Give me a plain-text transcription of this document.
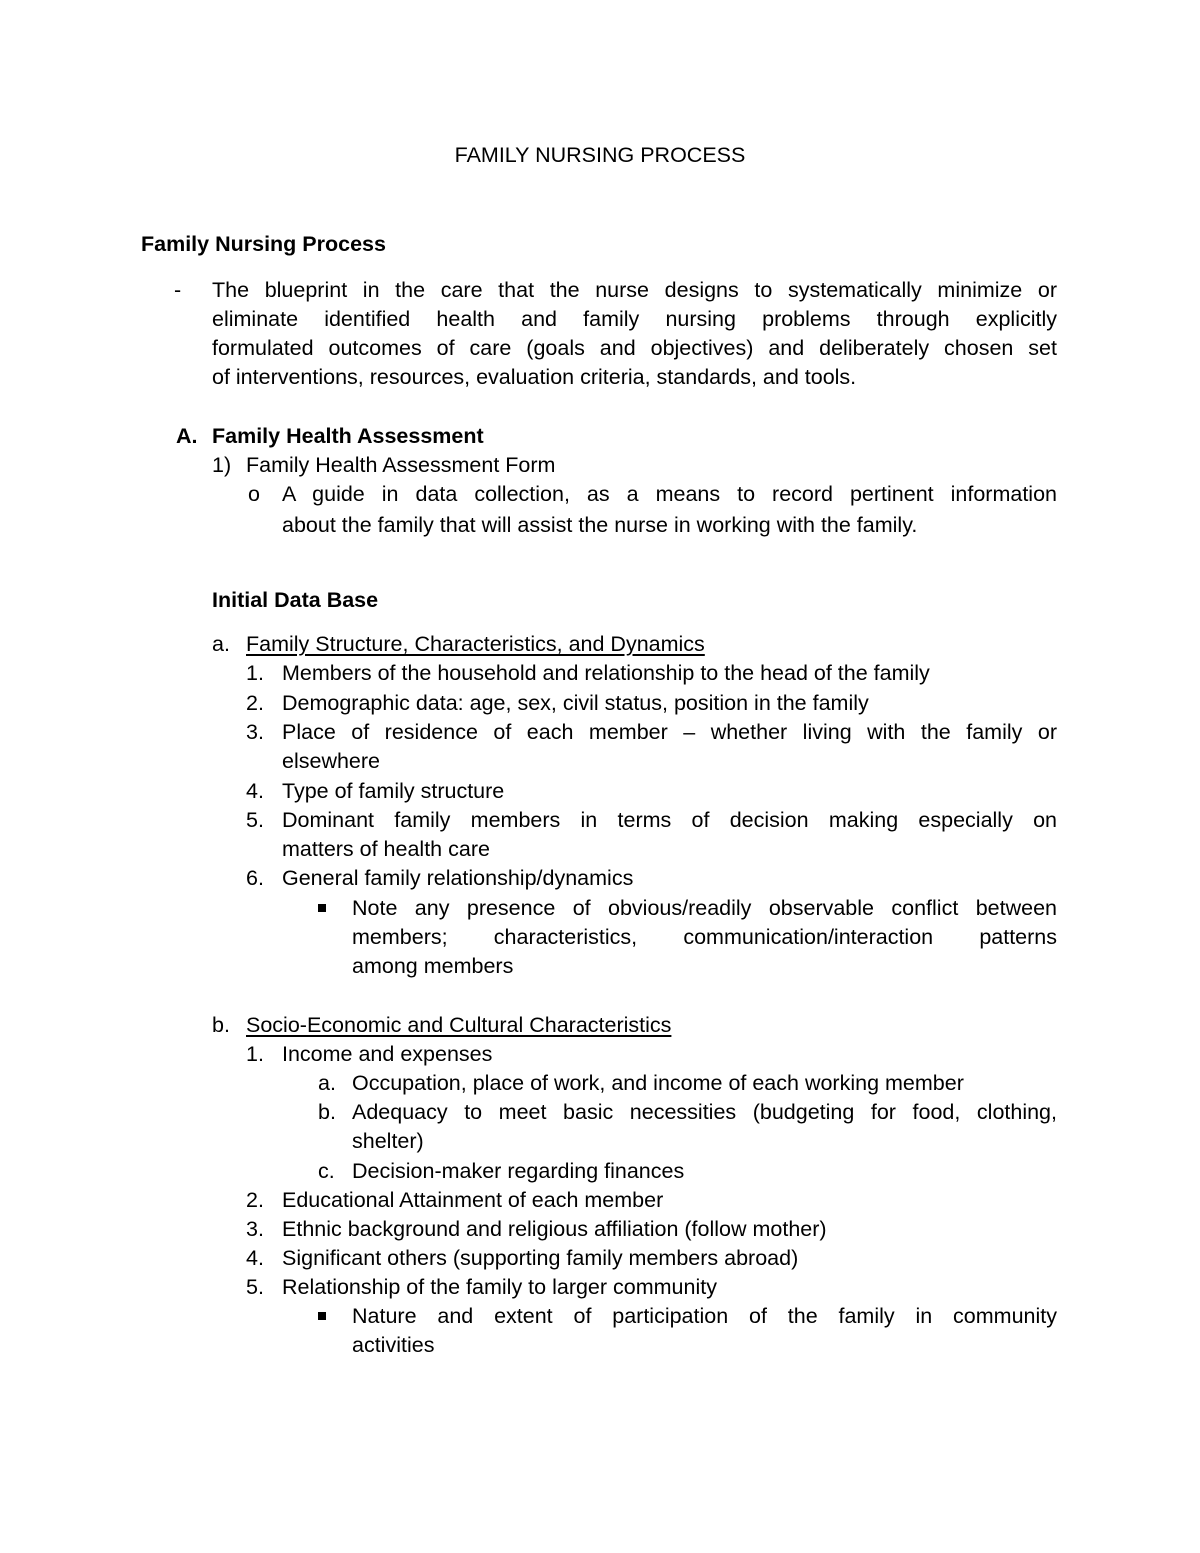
FAMILY NURSING PROCESS
Family Nursing Process
- The blueprint in the care that the nurse designs to systematically minimize or
eliminate identified health and family nursing problems through explicitly
formulated outcomes of care (goals and objectives) and deliberately chosen set
of interventions, resources, evaluation criteria, standards, and tools.
A. Family Health Assessment
1) Family Health Assessment Form
o A guide in data collection, as a means to record pertinent information
about the family that will assist the nurse in working with the family.
Initial Data Base
a. Family Structure, Characteristics, and Dynamics
1. Members of the household and relationship to the head of the family
2. Demographic data: age, sex, civil status, position in the family
3. Place of residence of each member – whether living with the family or
elsewhere
4. Type of family structure
5. Dominant family members in terms of decision making especially on
matters of health care
6. General family relationship/dynamics
Note any presence of obvious/readily observable conflict between
members; characteristics, communication/interaction patterns
among members
b. Socio-Economic and Cultural Characteristics
1. Income and expenses
a. Occupation, place of work, and income of each working member
b. Adequacy to meet basic necessities (budgeting for food, clothing,
shelter)
c. Decision-maker regarding finances
2. Educational Attainment of each member
3. Ethnic background and religious affiliation (follow mother)
4. Significant others (supporting family members abroad)
5. Relationship of the family to larger community
Nature and extent of participation of the family in community
activities
